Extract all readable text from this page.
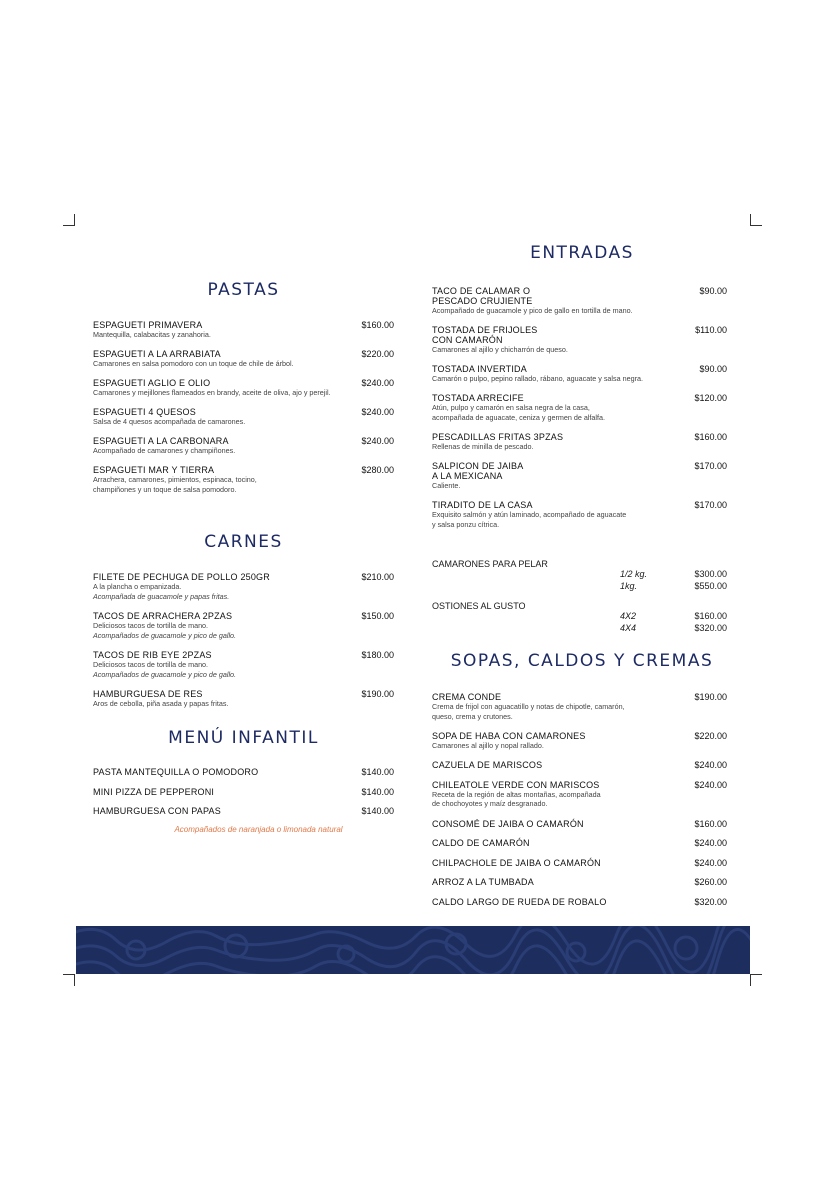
PASTAS
ESPAGUETI PRIMAVERA
Mantequilla, calabacitas y zanahoria.
$160.00
ESPAGUETI A LA ARRABIATA
Camarones en salsa pomodoro con un toque de chile de árbol.
$220.00
ESPAGUETI AGLIO E OLIO
Camarones y mejillones flameados en brandy, aceite de oliva, ajo y perejil.
$240.00
ESPAGUETI 4 QUESOS
Salsa de 4 quesos acompañada de camarones.
$240.00
ESPAGUETI A LA CARBONARA
Acompañado de camarones y champiñones.
$240.00
ESPAGUETI MAR Y TIERRA
Arrachera, camarones, pimientos, espinaca, tocino,
champiñones y un toque de salsa pomodoro.
$280.00
CARNES
FILETE DE PECHUGA DE POLLO 250GR
A la plancha o empanizada.
Acompañada de guacamole y papas fritas.
$210.00
TACOS DE ARRACHERA 2PZAS
Deliciosos tacos de tortilla de mano.
Acompañados de guacamole y pico de gallo.
$150.00
TACOS DE RIB EYE 2PZAS
Deliciosos tacos de tortilla de mano.
Acompañados de guacamole y pico de gallo.
$180.00
HAMBURGUESA DE RES
Aros de cebolla, piña asada y papas fritas.
$190.00
MENÚ INFANTIL
PASTA MANTEQUILLA O POMODORO	$140.00
MINI PIZZA DE PEPPERONI	$140.00
HAMBURGUESA CON PAPAS	$140.00
Acompañados de naranjada o limonada natural
ENTRADAS
TACO DE CALAMAR O
PESCADO CRUJIENTE
Acompañado de guacamole y pico de gallo en tortilla de mano.
$90.00
TOSTADA DE FRIJOLES
CON CAMARÓN
Camarones al ajillo y chicharrón de queso.
$110.00
TOSTADA INVERTIDA
Camarón o pulpo, pepino rallado, rábano, aguacate y salsa negra.
$90.00
TOSTADA ARRECIFE
Atún, pulpo y camarón en salsa negra de la casa,
acompañada de aguacate, ceniza y germen de alfalfa.
$120.00
PESCADILLAS FRITAS 3PZAS
Rellenas de minilla de pescado.
$160.00
SALPICON DE JAIBA
A LA MEXICANA
Caliente.
$170.00
TIRADITO DE LA CASA
Exquisito salmón y atún laminado, acompañado de aguacate
y salsa ponzu cítrica.
$170.00
CAMARONES PARA PELAR
1/2 kg.	$300.00
1kg.	$550.00
OSTIONES AL GUSTO
4X2	$160.00
4X4	$320.00
SOPAS, CALDOS Y CREMAS
CREMA CONDE
Crema de frijol con aguacatillo y notas de chipotle, camarón,
queso, crema y crutones.
$190.00
SOPA DE HABA CON CAMARONES
Camarones al ajillo y nopal rallado.
$220.00
CAZUELA DE MARISCOS	$240.00
CHILEATOLE VERDE CON MARISCOS
Receta de la región de altas montañas, acompañada
de chochoyotes y maíz desgranado.
$240.00
CONSOMÉ DE JAIBA O CAMARÓN	$160.00
CALDO DE CAMARÓN	$240.00
CHILPACHOLE DE JAIBA O CAMARÓN	$240.00
ARROZ A LA TUMBADA	$260.00
CALDO LARGO DE RUEDA DE ROBALO	$320.00
